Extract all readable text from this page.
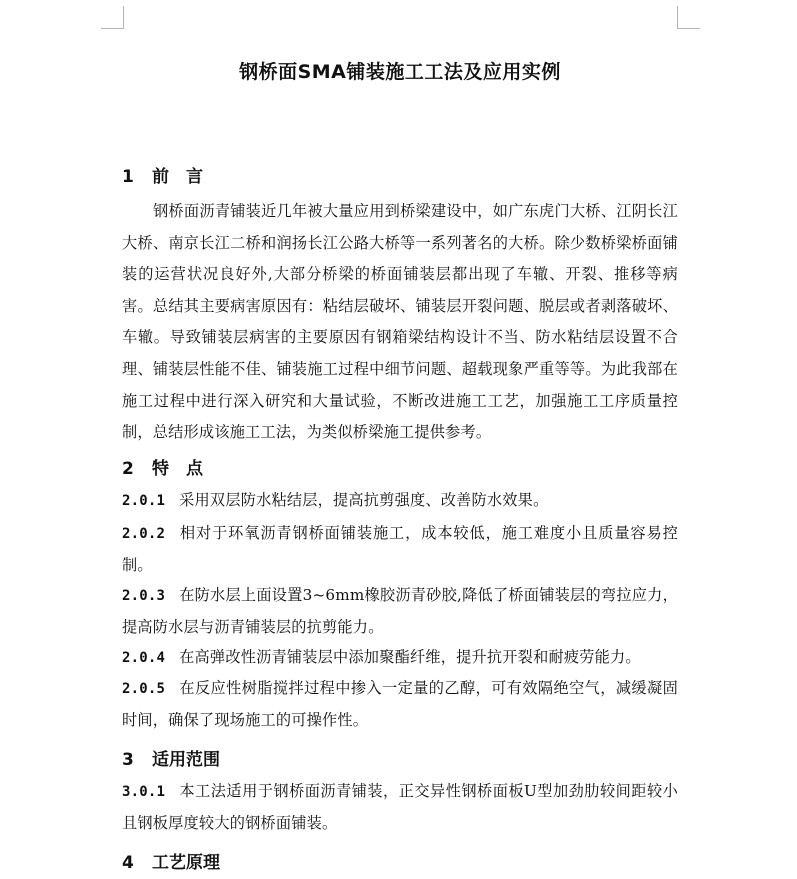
钢桥面SMA铺装施工工法及应用实例
1 前　言
钢桥面沥青铺装近几年被大量应用到桥梁建设中，如广东虎门大桥、江阴长江大桥、南京长江二桥和润扬长江公路大桥等一系列著名的大桥。除少数桥梁桥面铺装的运营状况良好外,大部分桥梁的桥面铺装层都出现了车辙、开裂、推移等病害。总结其主要病害原因有：粘结层破坏、铺装层开裂问题、脱层或者剥落破坏、车辙。导致铺装层病害的主要原因有钢箱梁结构设计不当、防水粘结层设置不合理、铺装层性能不佳、铺装施工过程中细节问题、超载现象严重等等。为此我部在施工过程中进行深入研究和大量试验，不断改进施工工艺，加强施工工序质量控制，总结形成该施工工法，为类似桥梁施工提供参考。
2 特　点
2.0.1 采用双层防水粘结层，提高抗剪强度、改善防水效果。
2.0.2 相对于环氧沥青钢桥面铺装施工，成本较低，施工难度小且质量容易控制。
2.0.3 在防水层上面设置3~6mm橡胶沥青砂胶,降低了桥面铺装层的弯拉应力，提高防水层与沥青铺装层的抗剪能力。
2.0.4 在高弹改性沥青铺装层中添加聚酯纤维，提升抗开裂和耐疲劳能力。
2.0.5 在反应性树脂搅拌过程中掺入一定量的乙醇，可有效隔绝空气，减缓凝固时间，确保了现场施工的可操作性。
3 适用范围
3.0.1 本工法适用于钢桥面沥青铺装，正交异性钢桥面板U型加劲肋较间距较小且钢板厚度较大的钢桥面铺装。
4 工艺原理
